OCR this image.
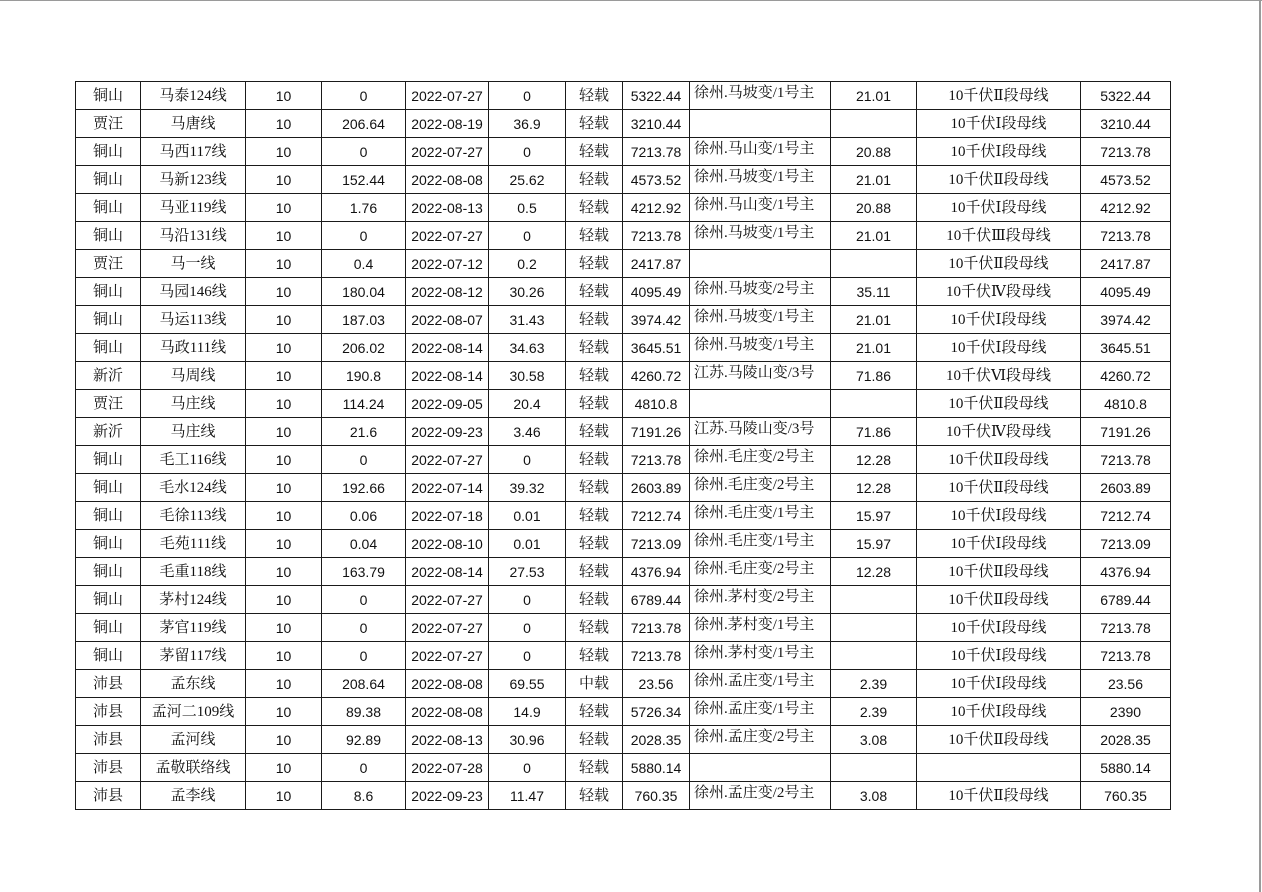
铜山	马泰124线	10	0	2022-07-27	0	轻载	5322.44	徐州.马坡变/1号主	21.01	10千伏Ⅱ段母线	5322.44
贾汪	马唐线	10	206.64	2022-08-19	36.9	轻载	3210.44			10千伏Ⅰ段母线	3210.44
铜山	马西117线	10	0	2022-07-27	0	轻载	7213.78	徐州.马山变/1号主	20.88	10千伏Ⅰ段母线	7213.78
铜山	马新123线	10	152.44	2022-08-08	25.62	轻载	4573.52	徐州.马坡变/1号主	21.01	10千伏Ⅱ段母线	4573.52
铜山	马亚119线	10	1.76	2022-08-13	0.5	轻载	4212.92	徐州.马山变/1号主	20.88	10千伏Ⅰ段母线	4212.92
铜山	马沿131线	10	0	2022-07-27	0	轻载	7213.78	徐州.马坡变/1号主	21.01	10千伏Ⅲ段母线	7213.78
贾汪	马一线	10	0.4	2022-07-12	0.2	轻载	2417.87			10千伏Ⅱ段母线	2417.87
铜山	马园146线	10	180.04	2022-08-12	30.26	轻载	4095.49	徐州.马坡变/2号主	35.11	10千伏Ⅳ段母线	4095.49
铜山	马运113线	10	187.03	2022-08-07	31.43	轻载	3974.42	徐州.马坡变/1号主	21.01	10千伏Ⅰ段母线	3974.42
铜山	马政111线	10	206.02	2022-08-14	34.63	轻载	3645.51	徐州.马坡变/1号主	21.01	10千伏Ⅰ段母线	3645.51
新沂	马周线	10	190.8	2022-08-14	30.58	轻载	4260.72	江苏.马陵山变/3号	71.86	10千伏Ⅵ段母线	4260.72
贾汪	马庄线	10	114.24	2022-09-05	20.4	轻载	4810.8			10千伏Ⅱ段母线	4810.8
新沂	马庄线	10	21.6	2022-09-23	3.46	轻载	7191.26	江苏.马陵山变/3号	71.86	10千伏Ⅳ段母线	7191.26
铜山	毛工116线	10	0	2022-07-27	0	轻载	7213.78	徐州.毛庄变/2号主	12.28	10千伏Ⅱ段母线	7213.78
铜山	毛水124线	10	192.66	2022-07-14	39.32	轻载	2603.89	徐州.毛庄变/2号主	12.28	10千伏Ⅱ段母线	2603.89
铜山	毛徐113线	10	0.06	2022-07-18	0.01	轻载	7212.74	徐州.毛庄变/1号主	15.97	10千伏Ⅰ段母线	7212.74
铜山	毛苑111线	10	0.04	2022-08-10	0.01	轻载	7213.09	徐州.毛庄变/1号主	15.97	10千伏Ⅰ段母线	7213.09
铜山	毛重118线	10	163.79	2022-08-14	27.53	轻载	4376.94	徐州.毛庄变/2号主	12.28	10千伏Ⅱ段母线	4376.94
铜山	茅村124线	10	0	2022-07-27	0	轻载	6789.44	徐州.茅村变/2号主		10千伏Ⅱ段母线	6789.44
铜山	茅官119线	10	0	2022-07-27	0	轻载	7213.78	徐州.茅村变/1号主		10千伏Ⅰ段母线	7213.78
铜山	茅留117线	10	0	2022-07-27	0	轻载	7213.78	徐州.茅村变/1号主		10千伏Ⅰ段母线	7213.78
沛县	孟东线	10	208.64	2022-08-08	69.55	中载	23.56	徐州.孟庄变/1号主	2.39	10千伏Ⅰ段母线	23.56
沛县	孟河二109线	10	89.38	2022-08-08	14.9	轻载	5726.34	徐州.孟庄变/1号主	2.39	10千伏Ⅰ段母线	2390
沛县	孟河线	10	92.89	2022-08-13	30.96	轻载	2028.35	徐州.孟庄变/2号主	3.08	10千伏Ⅱ段母线	2028.35
沛县	孟敬联络线	10	0	2022-07-28	0	轻载	5880.14				5880.14
沛县	孟李线	10	8.6	2022-09-23	11.47	轻载	760.35	徐州.孟庄变/2号主	3.08	10千伏Ⅱ段母线	760.35
